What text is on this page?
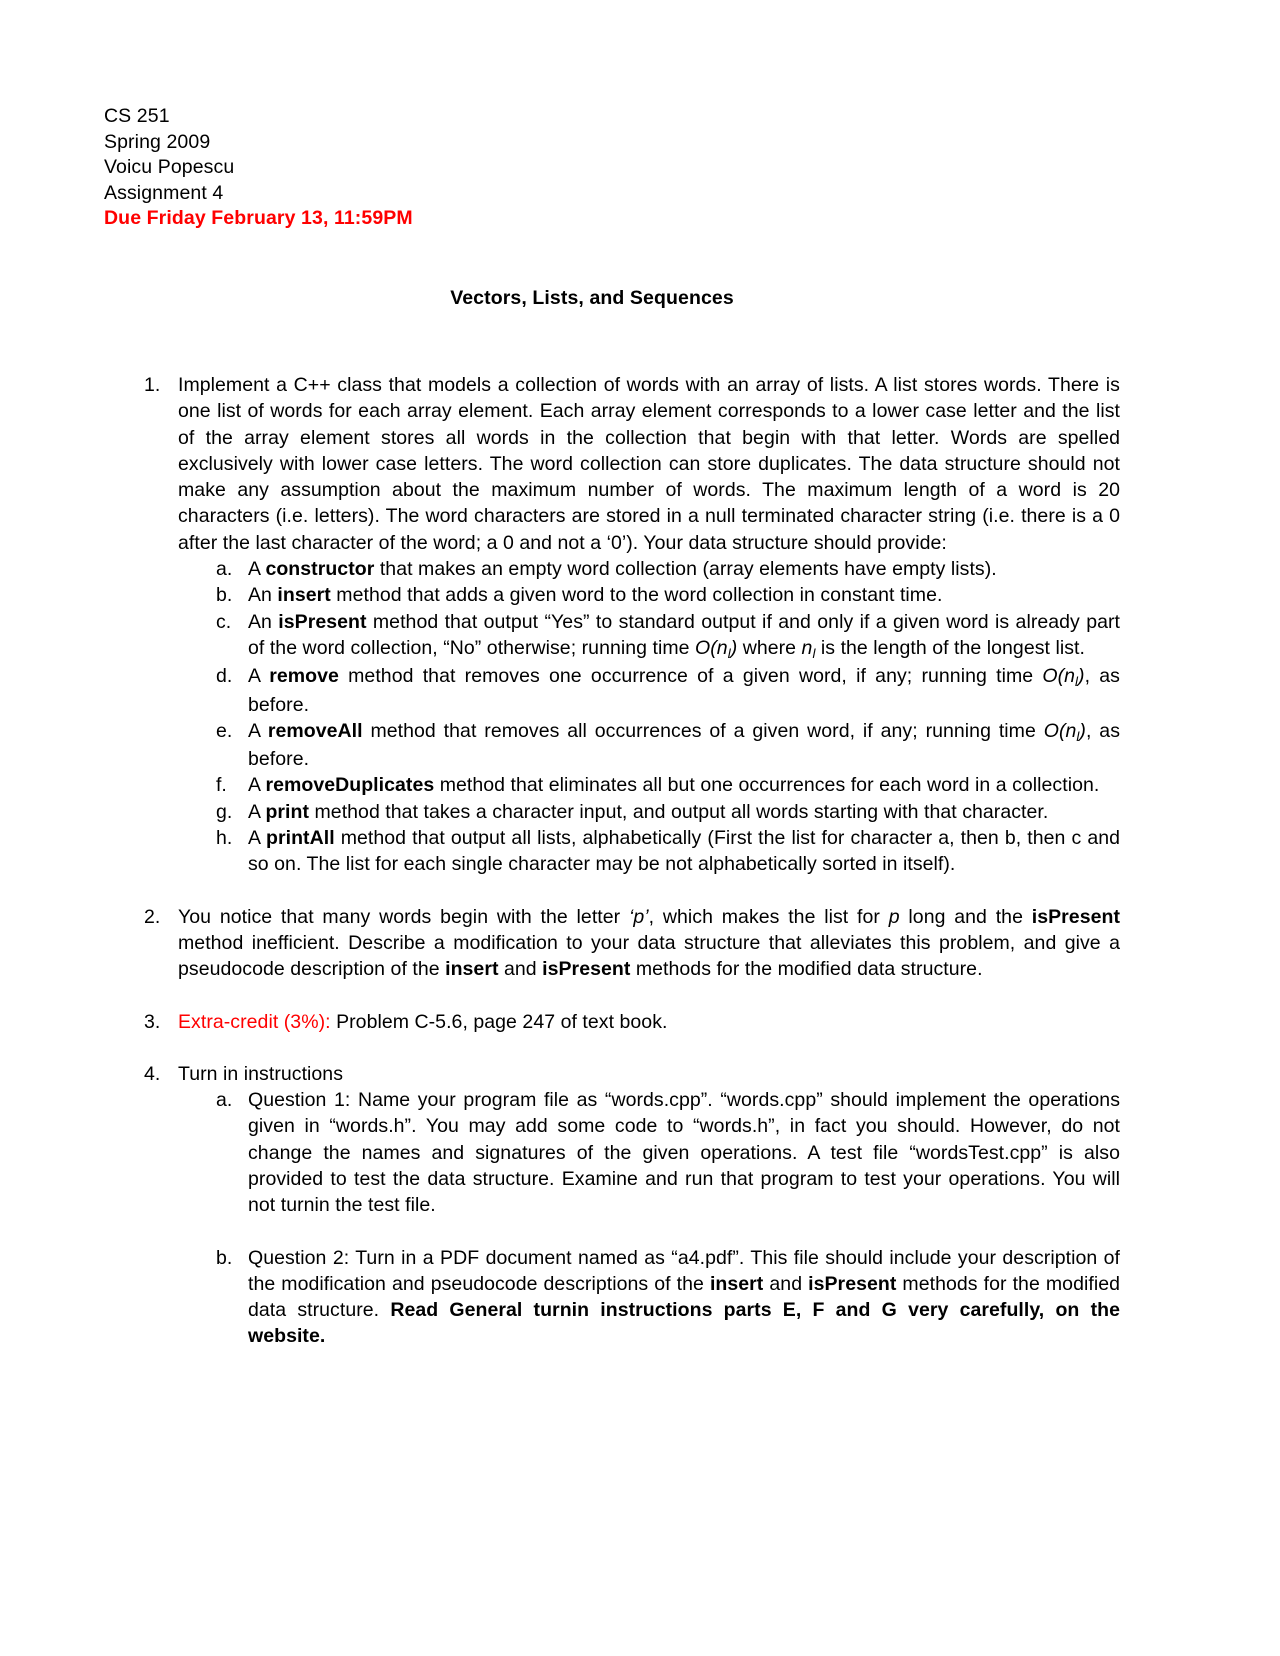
CS 251
Spring 2009
Voicu Popescu
Assignment 4
Due Friday February 13, 11:59PM
Vectors, Lists, and Sequences
1. Implement a C++ class that models a collection of words with an array of lists. A list stores words. There is one list of words for each array element. Each array element corresponds to a lower case letter and the list of the array element stores all words in the collection that begin with that letter. Words are spelled exclusively with lower case letters. The word collection can store duplicates. The data structure should not make any assumption about the maximum number of words. The maximum length of a word is 20 characters (i.e. letters). The word characters are stored in a null terminated character string (i.e. there is a 0 after the last character of the word; a 0 and not a ‘0’). Your data structure should provide:
a. A constructor that makes an empty word collection (array elements have empty lists).
b. An insert method that adds a given word to the word collection in constant time.
c. An isPresent method that output “Yes” to standard output if and only if a given word is already part of the word collection, “No” otherwise; running time $O(n_l)$ where $n_l$ is the length of the longest list.
d. A remove method that removes one occurrence of a given word, if any; running time $O(n_l)$, as before.
e. A removeAll method that removes all occurrences of a given word, if any; running time $O(n_l)$, as before.
f.	A removeDuplicates method that eliminates all but one occurrences for each word in a collection.
g. A print method that takes a character input, and output all words starting with that character.
h. A printAll method that output all lists, alphabetically (First the list for character a, then b, then c and so on. The list for each single character may be not alphabetically sorted in itself).
2. You notice that many words begin with the letter ‘p’, which makes the list for p long and the isPresent method inefficient. Describe a modification to your data structure that alleviates this problem, and give a pseudocode description of the insert and isPresent methods for the modified data structure.
3. Extra-credit (3%): Problem C-5.6, page 247 of text book.
4. Turn in instructions
a. Question 1: Name your program file as “words.cpp”. “words.cpp” should implement the operations given in “words.h”. You may add some code to “words.h”, in fact you should. However, do not change the names and signatures of the given operations. A test file “wordsTest.cpp” is also provided to test the data structure. Examine and run that program to test your operations. You will not turnin the test file.
b. Question 2: Turn in a PDF document named as “a4.pdf”. This file should include your description of the modification and pseudocode descriptions of the insert and isPresent methods for the modified data structure. Read General turnin instructions parts E, F and G very carefully, on the website.
